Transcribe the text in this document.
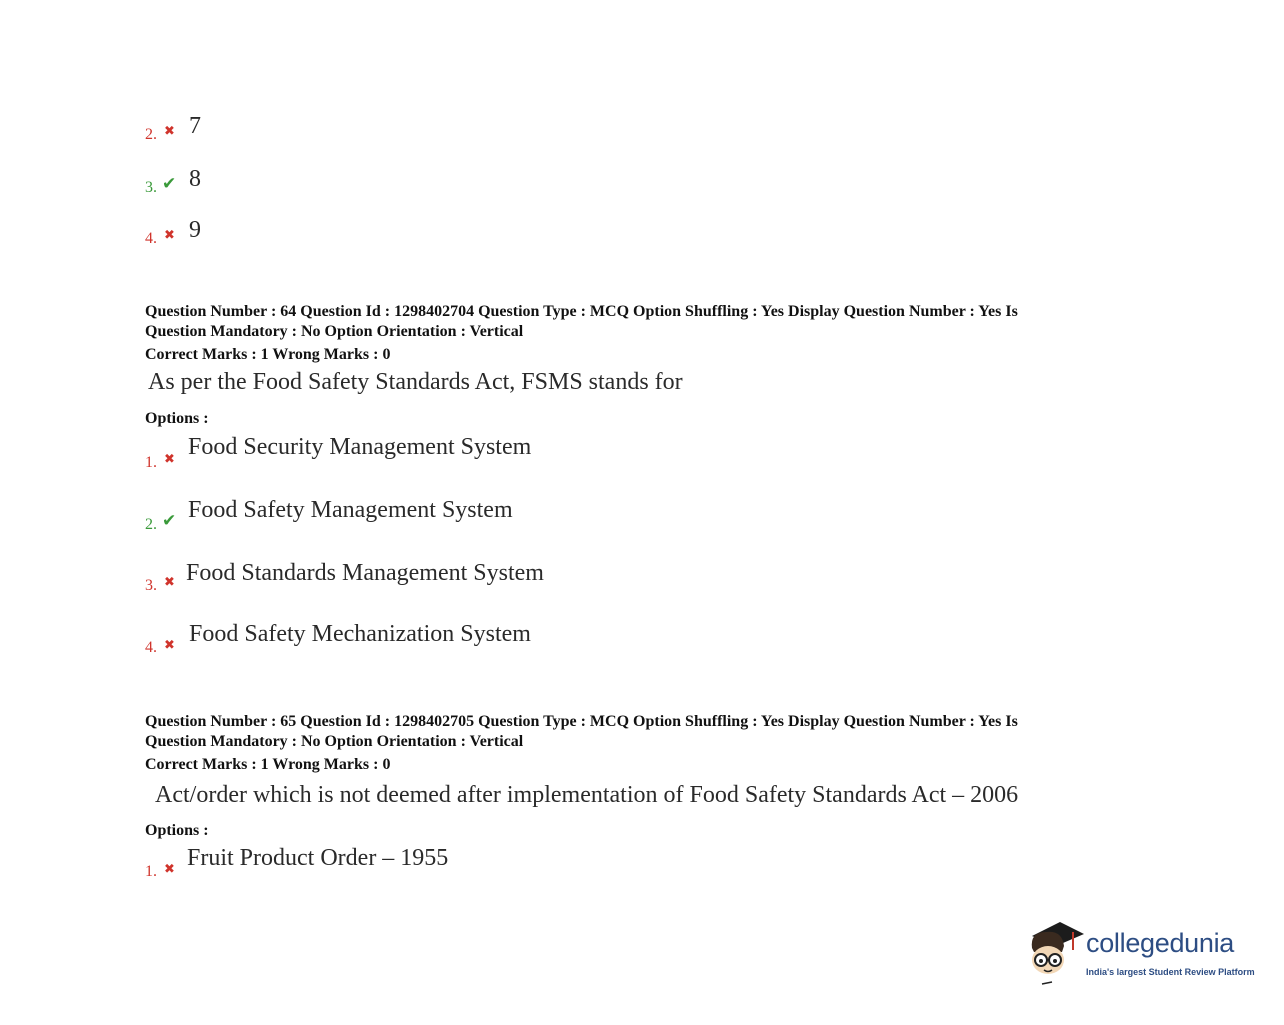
2. ✖ 7
3. ✔ 8
4. ✖ 9
Question Number : 64 Question Id : 1298402704 Question Type : MCQ Option Shuffling : Yes Display Question Number : Yes Is
Question Mandatory : No Option Orientation : Vertical
Correct Marks : 1 Wrong Marks : 0
As per the Food Safety Standards Act, FSMS stands for
Options :
1. ✖ Food Security Management System
2. ✔ Food Safety Management System
3. ✖ Food Standards Management System
4. ✖ Food Safety Mechanization System
Question Number : 65 Question Id : 1298402705 Question Type : MCQ Option Shuffling : Yes Display Question Number : Yes Is
Question Mandatory : No Option Orientation : Vertical
Correct Marks : 1 Wrong Marks : 0
Act/order which is not deemed after implementation of Food Safety Standards Act – 2006
Options :
1. ✖ Fruit Product Order – 1955
collegedunia
India's largest Student Review Platform
